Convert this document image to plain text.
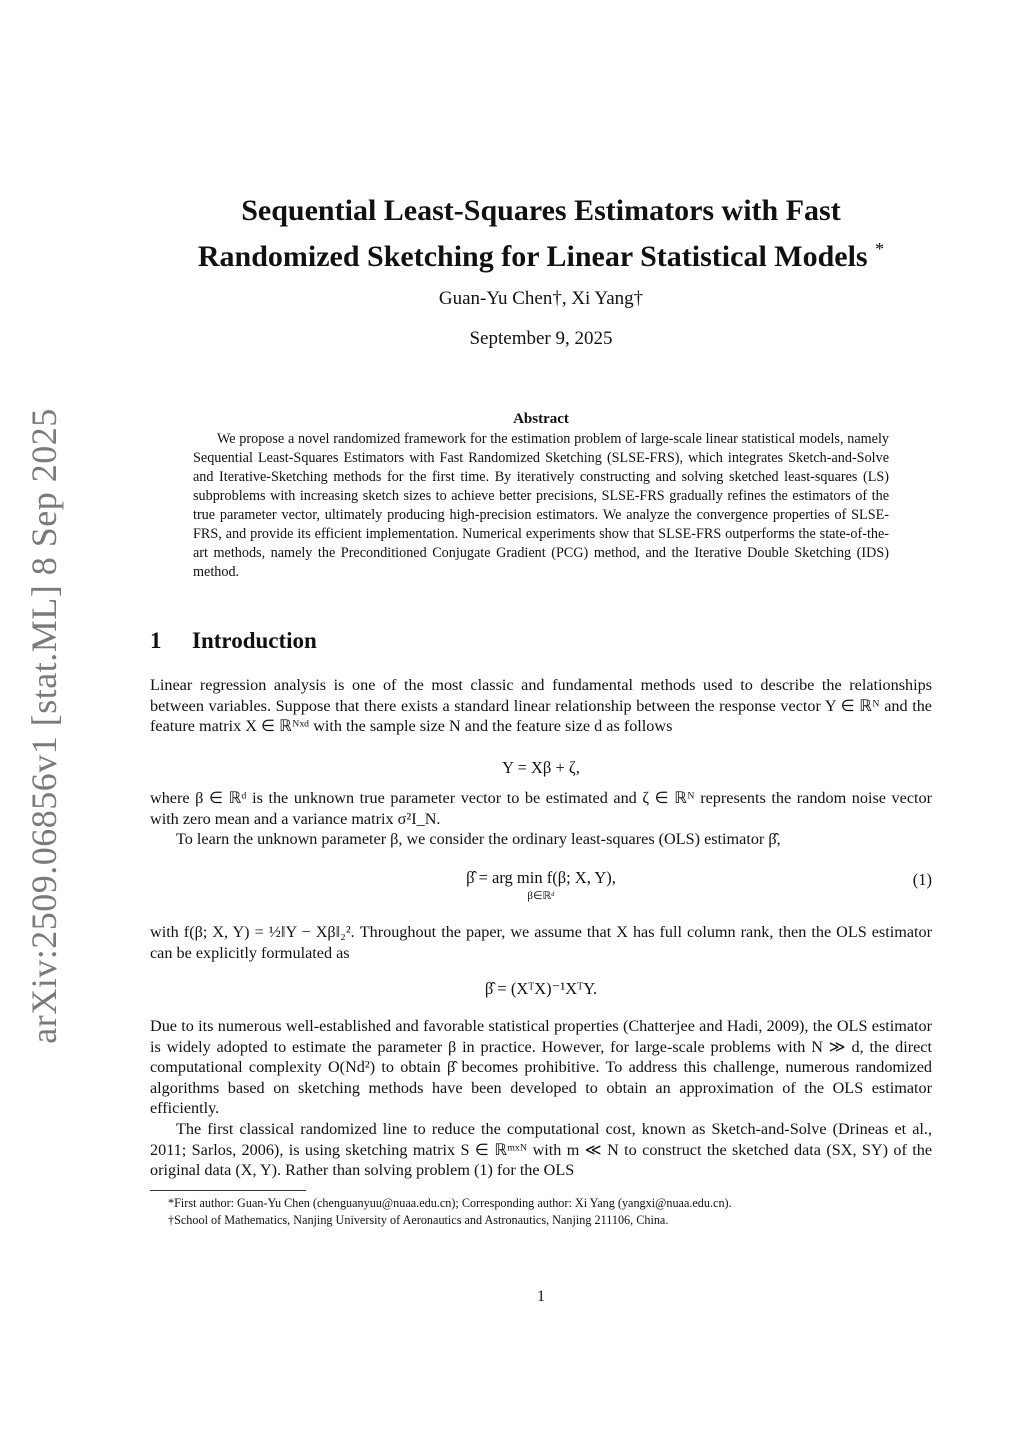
arXiv:2509.06856v1 [stat.ML] 8 Sep 2025
Sequential Least-Squares Estimators with Fast
Randomized Sketching for Linear Statistical Models *
Guan-Yu Chen†, Xi Yang†
September 9, 2025
Abstract
We propose a novel randomized framework for the estimation problem of large-scale linear statistical models, namely Sequential Least-Squares Estimators with Fast Randomized Sketching (SLSE-FRS), which integrates Sketch-and-Solve and Iterative-Sketching methods for the first time. By iteratively constructing and solving sketched least-squares (LS) subproblems with increasing sketch sizes to achieve better precisions, SLSE-FRS gradually refines the estimators of the true parameter vector, ultimately producing high-precision estimators. We analyze the convergence properties of SLSE-FRS, and provide its efficient implementation. Numerical experiments show that SLSE-FRS outperforms the state-of-the-art methods, namely the Preconditioned Conjugate Gradient (PCG) method, and the Iterative Double Sketching (IDS) method.
1 Introduction
Linear regression analysis is one of the most classic and fundamental methods used to describe the relationships between variables. Suppose that there exists a standard linear relationship between the response vector Y ∈ ℝᴺ and the feature matrix X ∈ ℝᴺˣᵈ with the sample size N and the feature size d as follows
Y = Xβ + ζ,
where β ∈ ℝᵈ is the unknown true parameter vector to be estimated and ζ ∈ ℝᴺ represents the random noise vector with zero mean and a variance matrix σ²I_N.
To learn the unknown parameter β, we consider the ordinary least-squares (OLS) estimator β̂,
β̂ = arg min f(β; X, Y),
β∈ℝᵈ
(1)
with f(β; X, Y) = ½‖Y − Xβ‖₂². Throughout the paper, we assume that X has full column rank, then the OLS estimator can be explicitly formulated as
β̂ = (XᵀX)⁻¹XᵀY.
Due to its numerous well-established and favorable statistical properties (Chatterjee and Hadi, 2009), the OLS estimator is widely adopted to estimate the parameter β in practice. However, for large-scale problems with N ≫ d, the direct computational complexity O(Nd²) to obtain β̂ becomes prohibitive. To address this challenge, numerous randomized algorithms based on sketching methods have been developed to obtain an approximation of the OLS estimator efficiently.
The first classical randomized line to reduce the computational cost, known as Sketch-and-Solve (Drineas et al., 2011; Sarlos, 2006), is using sketching matrix S ∈ ℝᵐˣᴺ with m ≪ N to construct the sketched data (SX, SY) of the original data (X, Y). Rather than solving problem (1) for the OLS
*First author: Guan-Yu Chen (chenguanyuu@nuaa.edu.cn); Corresponding author: Xi Yang (yangxi@nuaa.edu.cn).
†School of Mathematics, Nanjing University of Aeronautics and Astronautics, Nanjing 211106, China.
1
